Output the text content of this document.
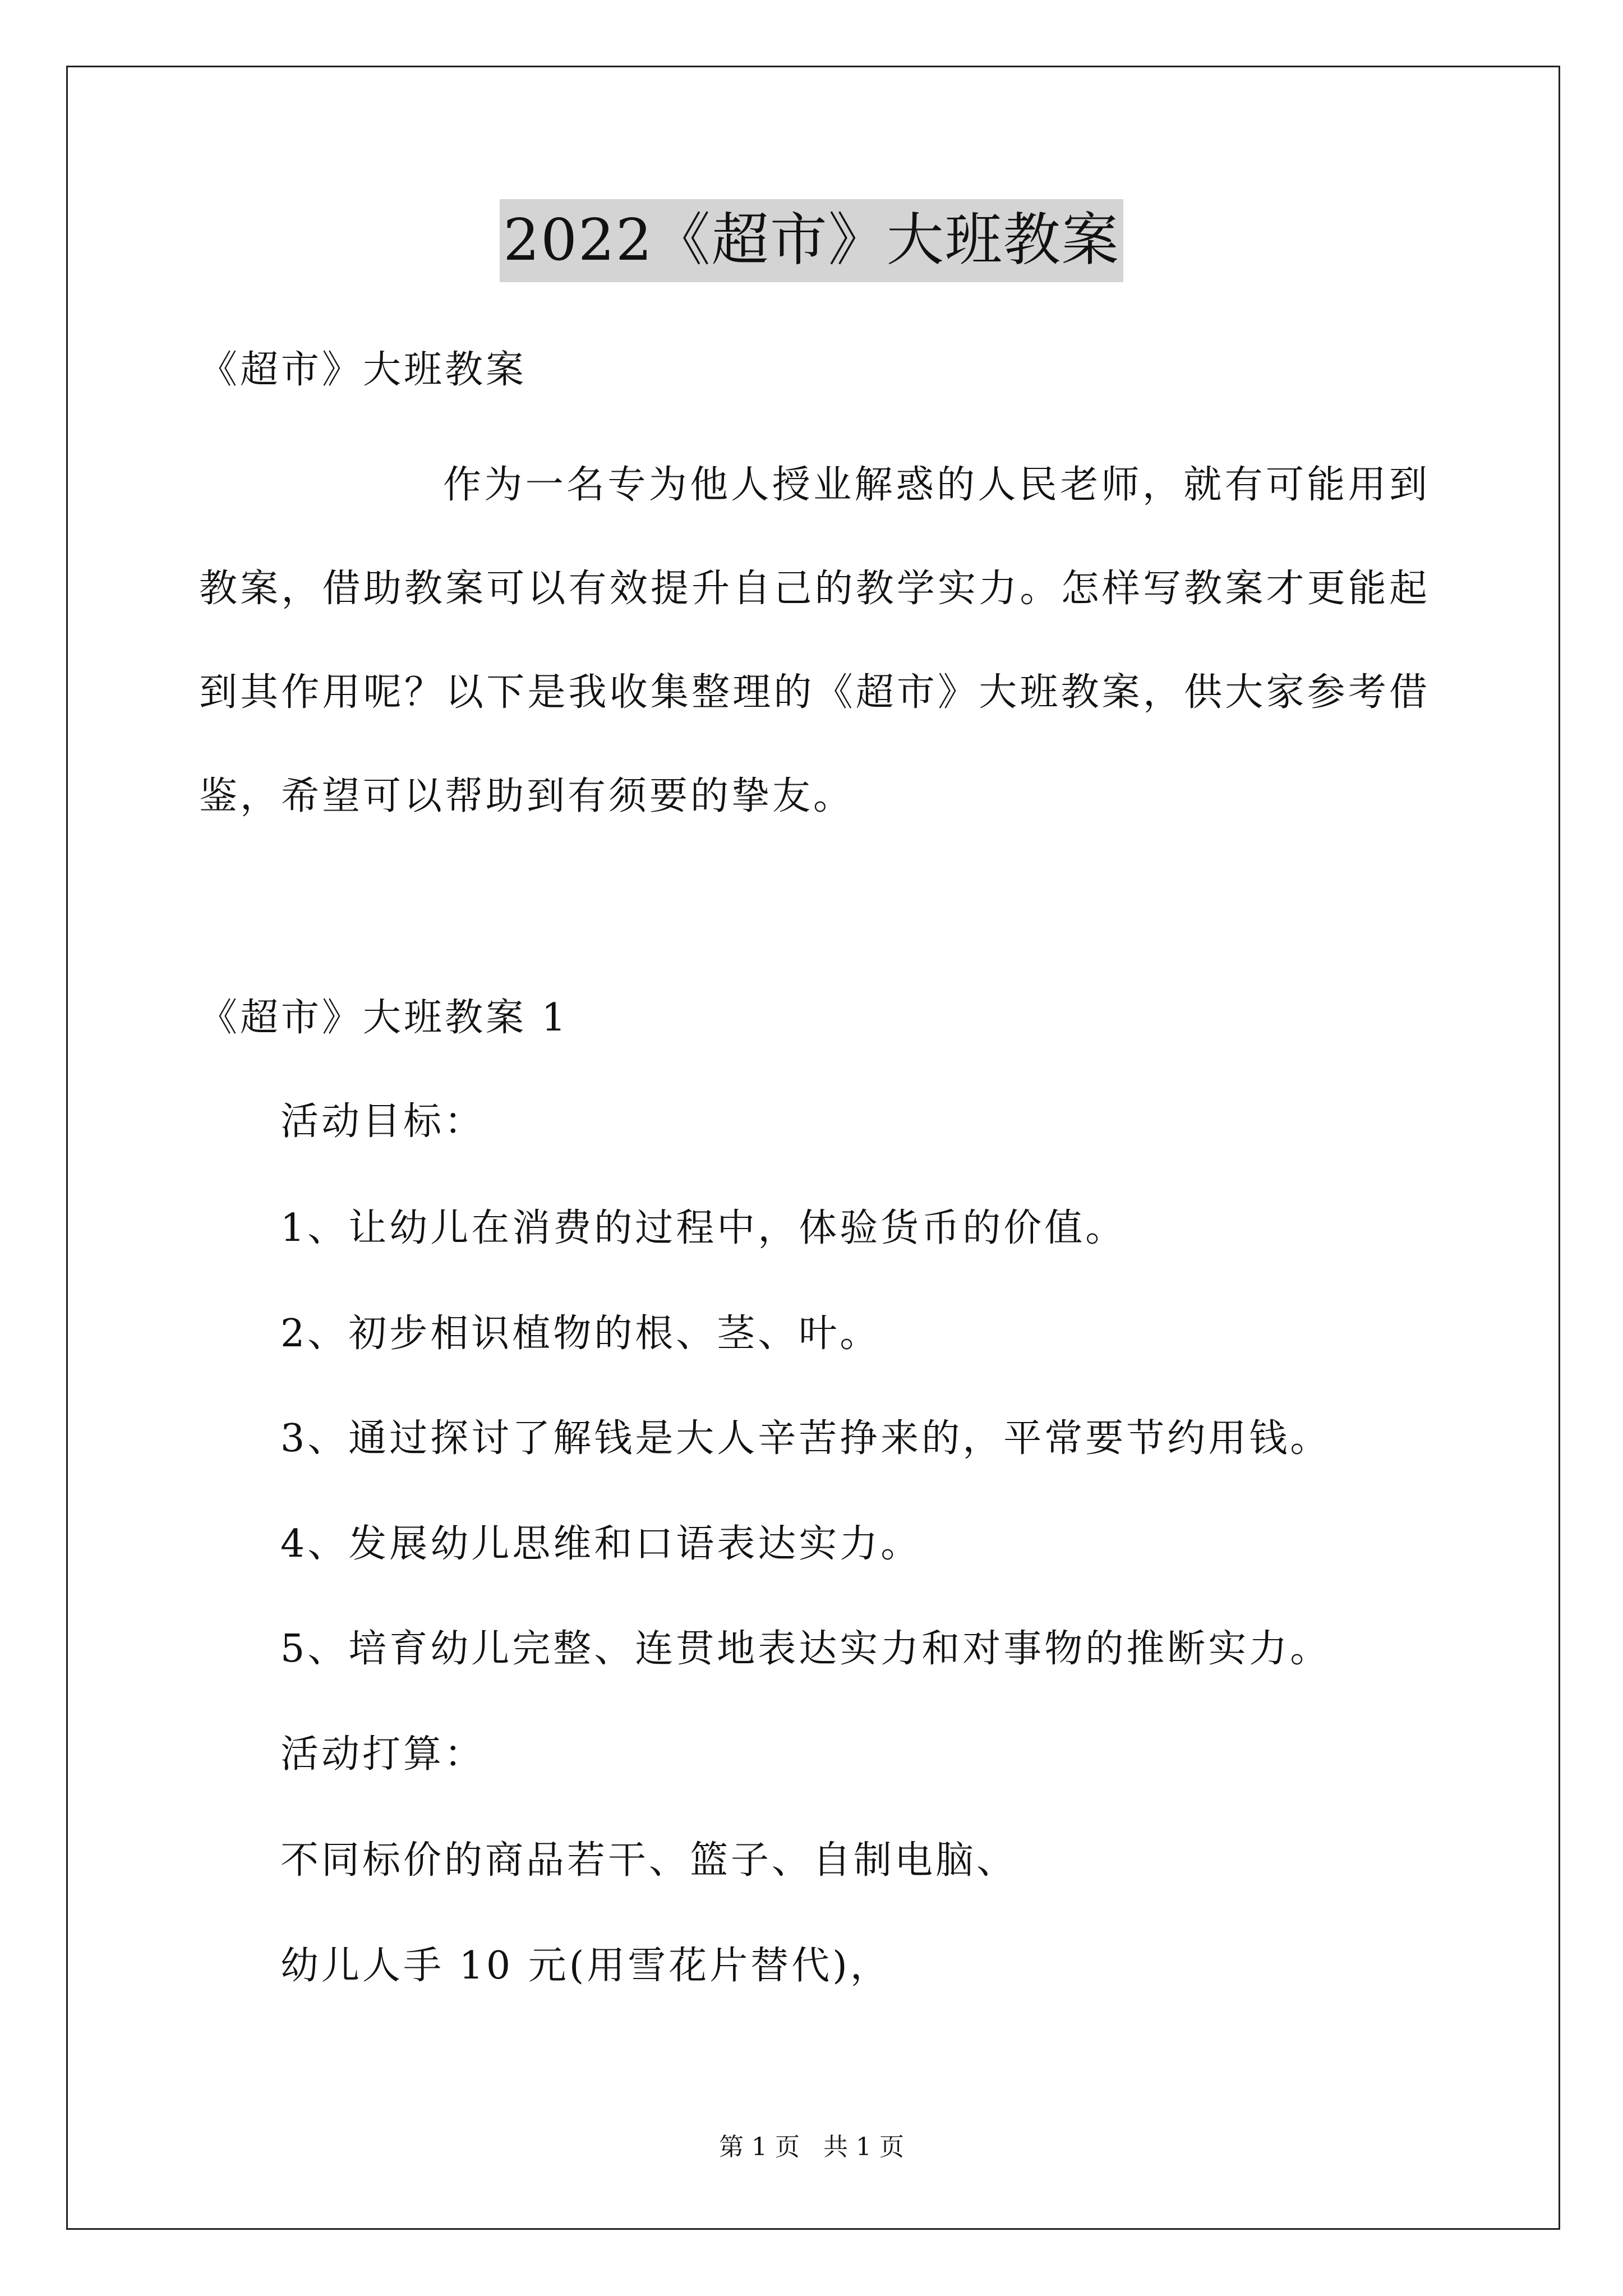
2022《超市》大班教案
《超市》大班教案
作为一名专为他人授业解惑的人民老师，就有可能用到
教案，借助教案可以有效提升自己的教学实力。怎样写教案才更能起
到其作用呢？以下是我收集整理的《超市》大班教案，供大家参考借
鉴，希望可以帮助到有须要的挚友。
《超市》大班教案 1
活动目标：
1、让幼儿在消费的过程中，体验货币的价值。
2、初步相识植物的根、茎、叶。
3、通过探讨了解钱是大人辛苦挣来的，平常要节约用钱。
4、发展幼儿思维和口语表达实力。
5、培育幼儿完整、连贯地表达实力和对事物的推断实力。
活动打算：
不同标价的商品若干、篮子、自制电脑、
幼儿人手 10 元(用雪花片替代)，
第 1 页   共 1 页
